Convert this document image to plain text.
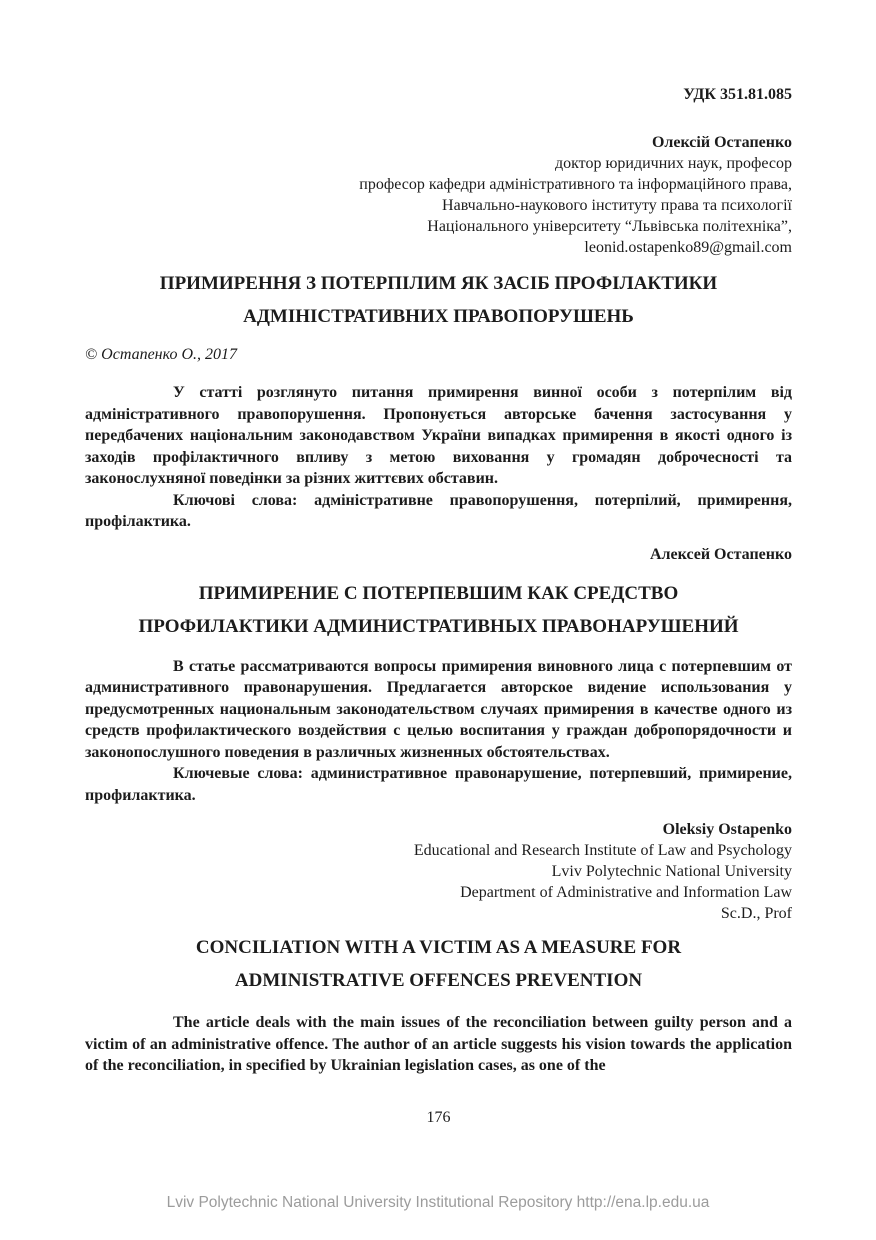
УДК 351.81.085

Олексій Остапенко

доктор юридичних наук, професор

професор кафедри адміністративного та інформаційного права,

Навчально-наукового інституту права та психології

Національного університету “Львівська політехніка”,

leonid.ostapenko89@gmail.com

ПРИМИРЕННЯ З ПОТЕРПІЛИМ ЯК ЗАСІБ ПРОФІЛАКТИКИ
АДМІНІСТРАТИВНИХ ПРАВОПОРУШЕНЬ

© Остапенко О., 2017

У статті розглянуто питання примирення винної особи з потерпілим від адміністративного правопорушення. Пропонується авторське бачення застосування у передбачених національним законодавством України випадках примирення в якості одного із заходів профілактичного впливу з метою виховання у громадян доброчесності та законослухняної поведінки за різних життєвих обставин.

Ключові слова: адміністративне правопорушення, потерпілий, примирення, профілактика.

Алексей Остапенко

ПРИМИРЕНИЕ С ПОТЕРПЕВШИМ КАК СРЕДСТВО
ПРОФИЛАКТИКИ АДМИНИСТРАТИВНЫХ ПРАВОНАРУШЕНИЙ

В статье рассматриваются вопросы примирения виновного лица с потерпевшим от административного правонарушения. Предлагается авторское видение использования у предусмотренных национальным законодательством случаях примирения в качестве одного из средств профилактического воздействия с целью воспитания у граждан добропорядочности и законопослушного поведения в различных жизненных обстоятельствах.

Ключевые слова: административное правонарушение, потерпевший, примирение, профилактика.

Oleksiy Ostapenko

Educational and Research Institute of Law and Psychology

Lviv Polytechnic National University

Department of Administrative and Information Law

Sc.D., Prof

CONCILIATION WITH A VICTIM AS A MEASURE FOR
ADMINISTRATIVE OFFENCES PREVENTION

The article deals with the main issues of the reconciliation between guilty person and a victim of an administrative offence. The author of an article suggests his vision towards the application of the reconciliation, in specified by Ukrainian legislation cases, as one of the

176

Lviv Polytechnic National University Institutional Repository http://ena.lp.edu.ua
